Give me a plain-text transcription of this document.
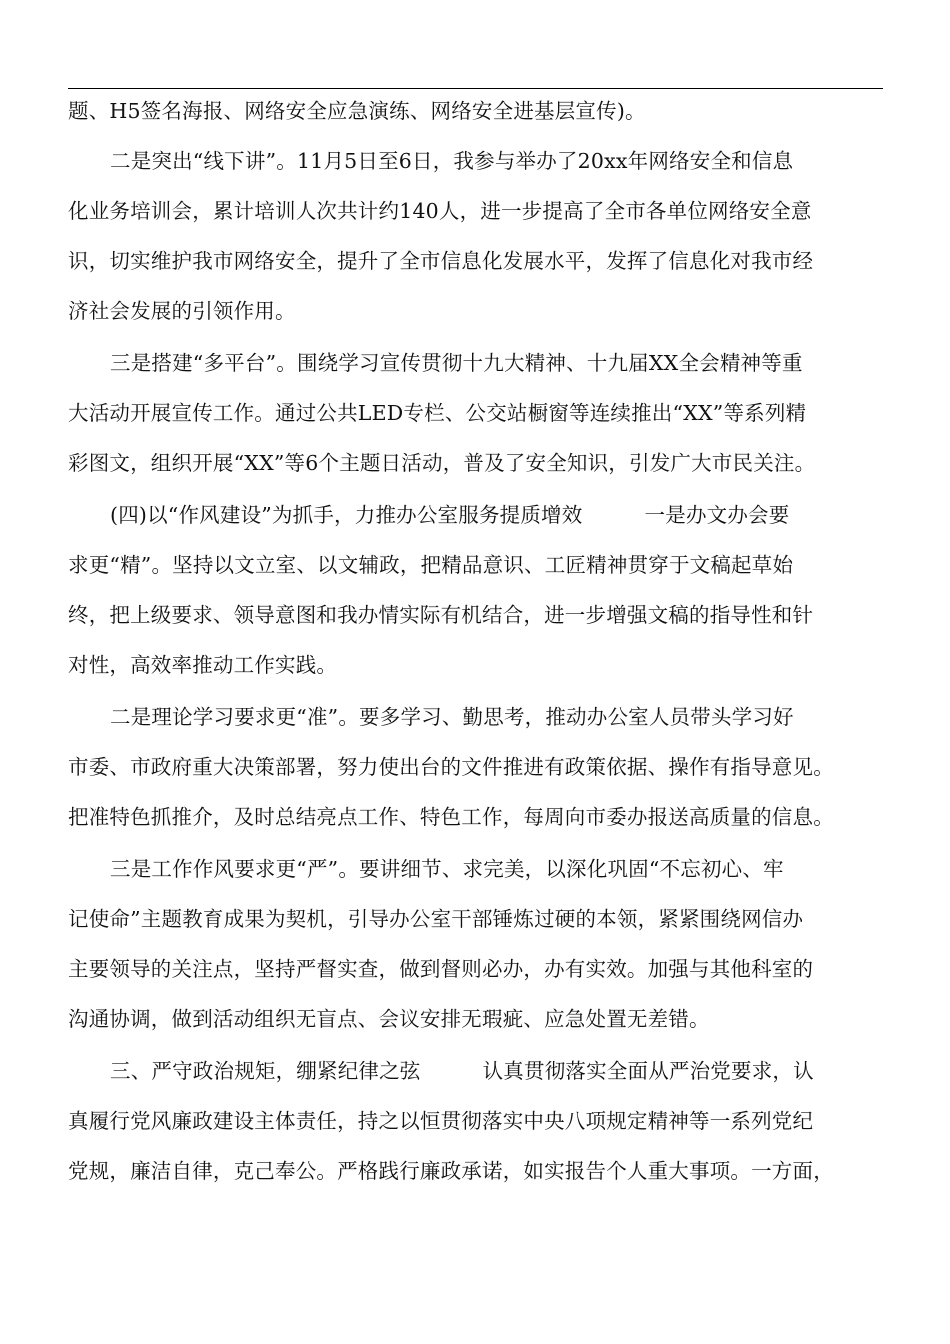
题、H5签名海报、网络安全应急演练、网络安全进基层宣传)。
二是突出“线下讲”。11月5日至6日，我参与举办了20xx年网络安全和信息
化业务培训会，累计培训人次共计约140人，进一步提高了全市各单位网络安全意
识，切实维护我市网络安全，提升了全市信息化发展水平，发挥了信息化对我市经
济社会发展的引领作用。
三是搭建“多平台”。围绕学习宣传贯彻十九大精神、十九届XX全会精神等重
大活动开展宣传工作。通过公共LED专栏、公交站橱窗等连续推出“XX”等系列精
彩图文，组织开展“XX”等6个主题日活动，普及了安全知识，引发广大市民关注。
(四)以“作风建设”为抓手，力推办公室服务提质增效　　　一是办文办会要
求更“精”。坚持以文立室、以文辅政，把精品意识、工匠精神贯穿于文稿起草始
终，把上级要求、领导意图和我办情实际有机结合，进一步增强文稿的指导性和针
对性，高效率推动工作实践。
二是理论学习要求更“准”。要多学习、勤思考，推动办公室人员带头学习好
市委、市政府重大决策部署，努力使出台的文件推进有政策依据、操作有指导意见。
把准特色抓推介，及时总结亮点工作、特色工作，每周向市委办报送高质量的信息。
三是工作作风要求更“严”。要讲细节、求完美，以深化巩固“不忘初心、牢
记使命”主题教育成果为契机，引导办公室干部锤炼过硬的本领，紧紧围绕网信办
主要领导的关注点，坚持严督实查，做到督则必办，办有实效。加强与其他科室的
沟通协调，做到活动组织无盲点、会议安排无瑕疵、应急处置无差错。
三、严守政治规矩，绷紧纪律之弦　　　认真贯彻落实全面从严治党要求，认
真履行党风廉政建设主体责任，持之以恒贯彻落实中央八项规定精神等一系列党纪
党规，廉洁自律，克己奉公。严格践行廉政承诺，如实报告个人重大事项。一方面，
